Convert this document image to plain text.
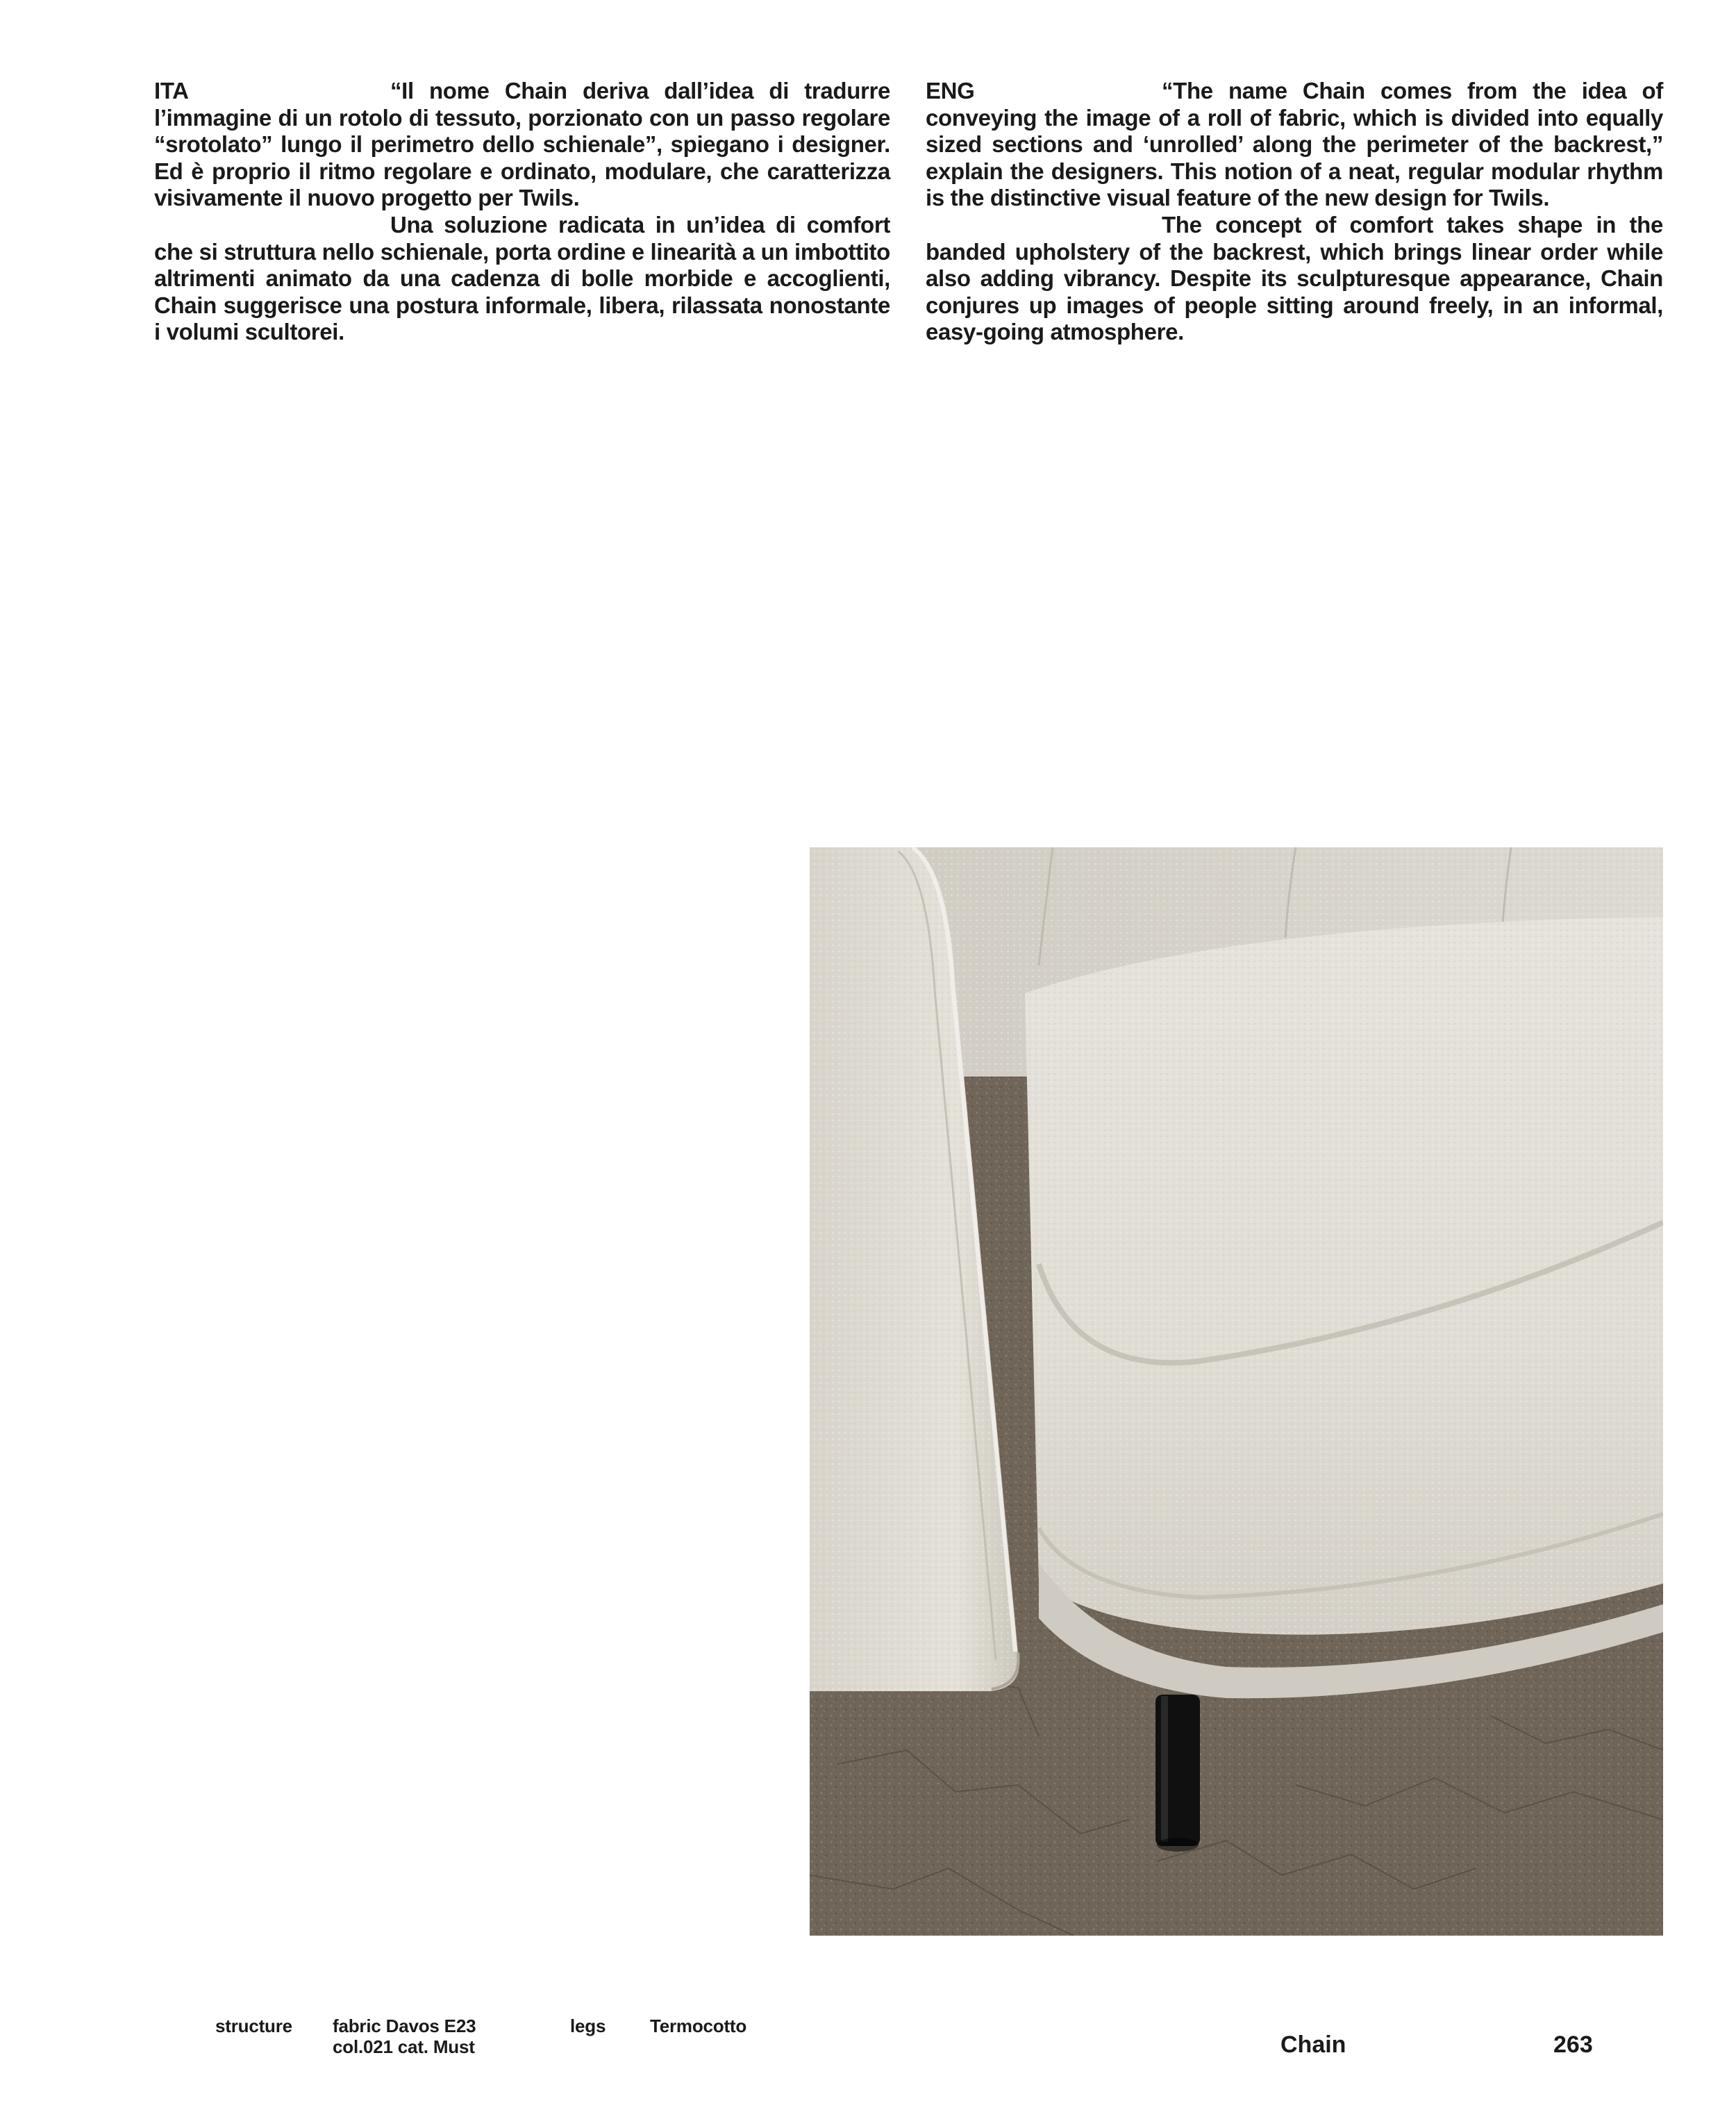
ITA	“Il nome Chain deriva dall’idea di tradurre l’immagine di un rotolo di tessuto, porzionato con un passo regolare “srotolato” lungo il perimetro dello schienale”, spiegano i designer. Ed è proprio il ritmo regolare e ordinato, modulare, che caratterizza visivamente il nuovo progetto per Twils.

Una soluzione radicata in un’idea di comfort che si struttura nello schienale, porta ordine e linearità a un imbottito altrimenti animato da una cadenza di bolle morbide e accoglienti, Chain suggerisce una postura informale, libera, rilassata nonostante i volumi scultorei.

ENG	“The name Chain comes from the idea of conveying the image of a roll of fabric, which is divided into equally sized sections and ‘unrolled’ along the perimeter of the backrest,” explain the designers. This notion of a neat, regular modular rhythm is the distinctive visual feature of the new design for Twils.

The concept of comfort takes shape in the banded upholstery of the backrest, which brings linear order while also adding vibrancy. Despite its sculpturesque appearance, Chain conjures up images of people sitting around freely, in an informal, easy-going atmosphere.

structure fabric Davos E23
col.021 cat. Must
legs Termocotto
Chain	263
